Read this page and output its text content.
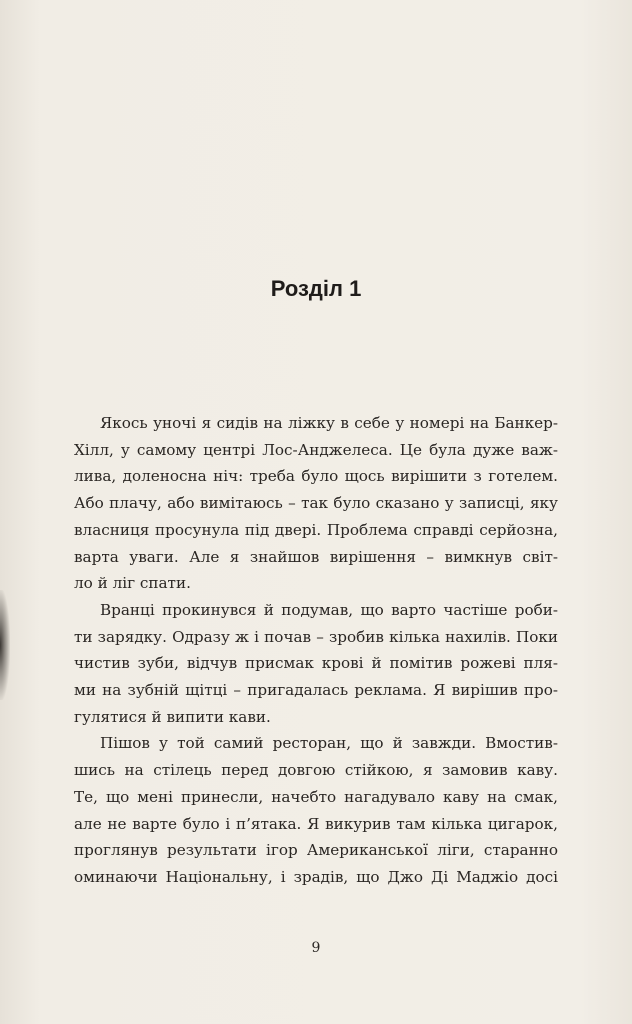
Розділ 1
Якось уночі я сидів на ліжку в себе у номері на Банкер-
Хілл, у самому центрі Лос-Анджелеса. Це була дуже важ-
лива, доленосна ніч: треба було щось вирішити з готелем.
Або плачу, або вимітаюсь – так було сказано у записці, яку
власниця просунула під двері. Проблема справді серйозна,
варта уваги. Але я знайшов вирішення – вимкнув світ-
ло й ліг спати.
Вранці прокинувся й подумав, що варто частіше роби-
ти зарядку. Одразу ж і почав – зробив кілька нахилів. Поки
чистив зуби, відчув присмак крові й помітив рожеві пля-
ми на зубній щітці – пригадалась реклама. Я вирішив про-
гулятися й випити кави.
Пішов у той самий ресторан, що й завжди. Вмостив-
шись на стілець перед довгою стійкою, я замовив каву.
Те, що мені принесли, начебто нагадувало каву на смак,
але не варте було і п’ятака. Я викурив там кілька цигарок,
проглянув результати ігор Американської ліги, старанно
оминаючи Національну, і зрадів, що Джо Ді Маджіо досі
9
